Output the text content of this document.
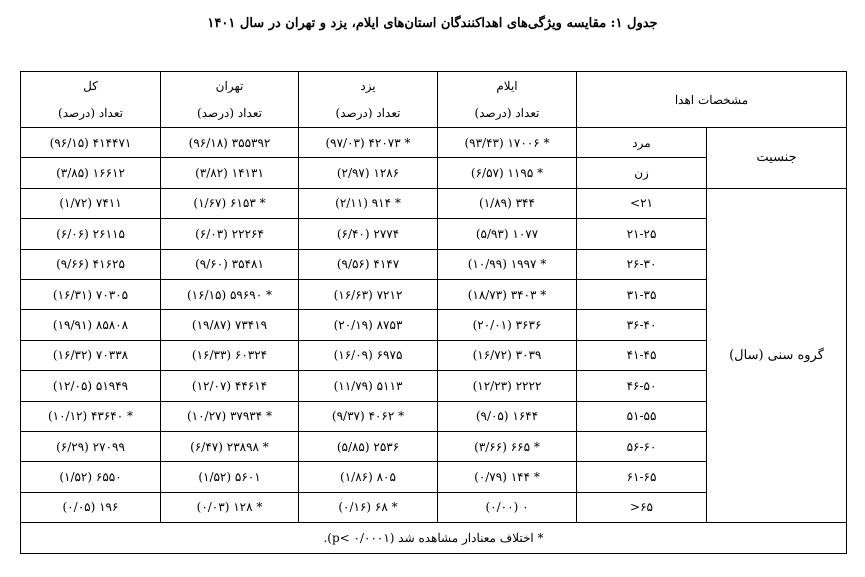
جدول ۱: مقایسه ویژگی‌های اهداکنندگان استان‌های ایلام، یزد و تهران در سال ۱۴۰۱
مشخصات اهدا		ایلام	یزد	تهران	کل
		تعداد (درصد)	تعداد (درصد)	تعداد (درصد)	تعداد (درصد)
جنسیت	مرد	* ۱۷۰۰۶ (۹۳/۴۳)	* ۴۲۰۷۳ (۹۷/۰۳)	۳۵۵۳۹۲ (۹۶/۱۸)	۴۱۴۴۷۱ (۹۶/۱۵)
	زن	* ۱۱۹۵ (۶/۵۷)	۱۲۸۶ (۲/۹۷)	۱۴۱۳۱ (۳/۸۲)	۱۶۶۱۲ (۳/۸۵)
گروه سنی (سال)	۲۱>	۳۴۴ (۱/۸۹)	* ۹۱۴ (۲/۱۱)	* ۶۱۵۳ (۱/۶۷)	۷۴۱۱ (۱/۷۲)
	۲۱-۲۵	۱۰۷۷ (۵/۹۳)	۲۷۷۴ (۶/۴۰)	۲۲۲۶۴ (۶/۰۳)	۲۶۱۱۵ (۶/۰۶)
	۲۶-۳۰	* ۱۹۹۷ (۱۰/۹۹)	۴۱۴۷ (۹/۵۶)	۳۵۴۸۱ (۹/۶۰)	۴۱۶۲۵ (۹/۶۶)
	۳۱-۳۵	* ۳۴۰۳ (۱۸/۷۳)	۷۲۱۲ (۱۶/۶۳)	* ۵۹۶۹۰ (۱۶/۱۵)	۷۰۳۰۵ (۱۶/۳۱)
	۳۶-۴۰	۳۶۳۶ (۲۰/۰۱)	۸۷۵۳ (۲۰/۱۹)	۷۳۴۱۹ (۱۹/۸۷)	۸۵۸۰۸ (۱۹/۹۱)
	۴۱-۴۵	۳۰۳۹ (۱۶/۷۲)	۶۹۷۵ (۱۶/۰۹)	۶۰۳۲۴ (۱۶/۳۳)	۷۰۳۳۸ (۱۶/۳۲)
	۴۶-۵۰	۲۲۲۲ (۱۲/۲۳)	۵۱۱۳ (۱۱/۷۹)	۴۴۶۱۴ (۱۲/۰۷)	۵۱۹۴۹ (۱۲/۰۵)
	۵۱-۵۵	۱۶۴۴ (۹/۰۵)	* ۴۰۶۲ (۹/۳۷)	* ۳۷۹۳۴ (۱۰/۲۷)	* ۴۳۶۴۰ (۱۰/۱۲)
	۵۶-۶۰	* ۶۶۵ (۳/۶۶)	۲۵۳۶ (۵/۸۵)	* ۲۳۸۹۸ (۶/۴۷)	۲۷۰۹۹ (۶/۲۹)
	۶۱-۶۵	* ۱۴۴ (۰/۷۹)	۸۰۵ (۱/۸۶)	۵۶۰۱ (۱/۵۲)	۶۵۵۰ (۱/۵۲)
	۶۵<	۰ (۰/۰۰)	* ۶۸ (۰/۱۶)	* ۱۲۸ (۰/۰۳)	۱۹۶ (۰/۰۵)
* اختلاف معنادار مشاهده شد (p< ۰/۰۰۰۱).					
